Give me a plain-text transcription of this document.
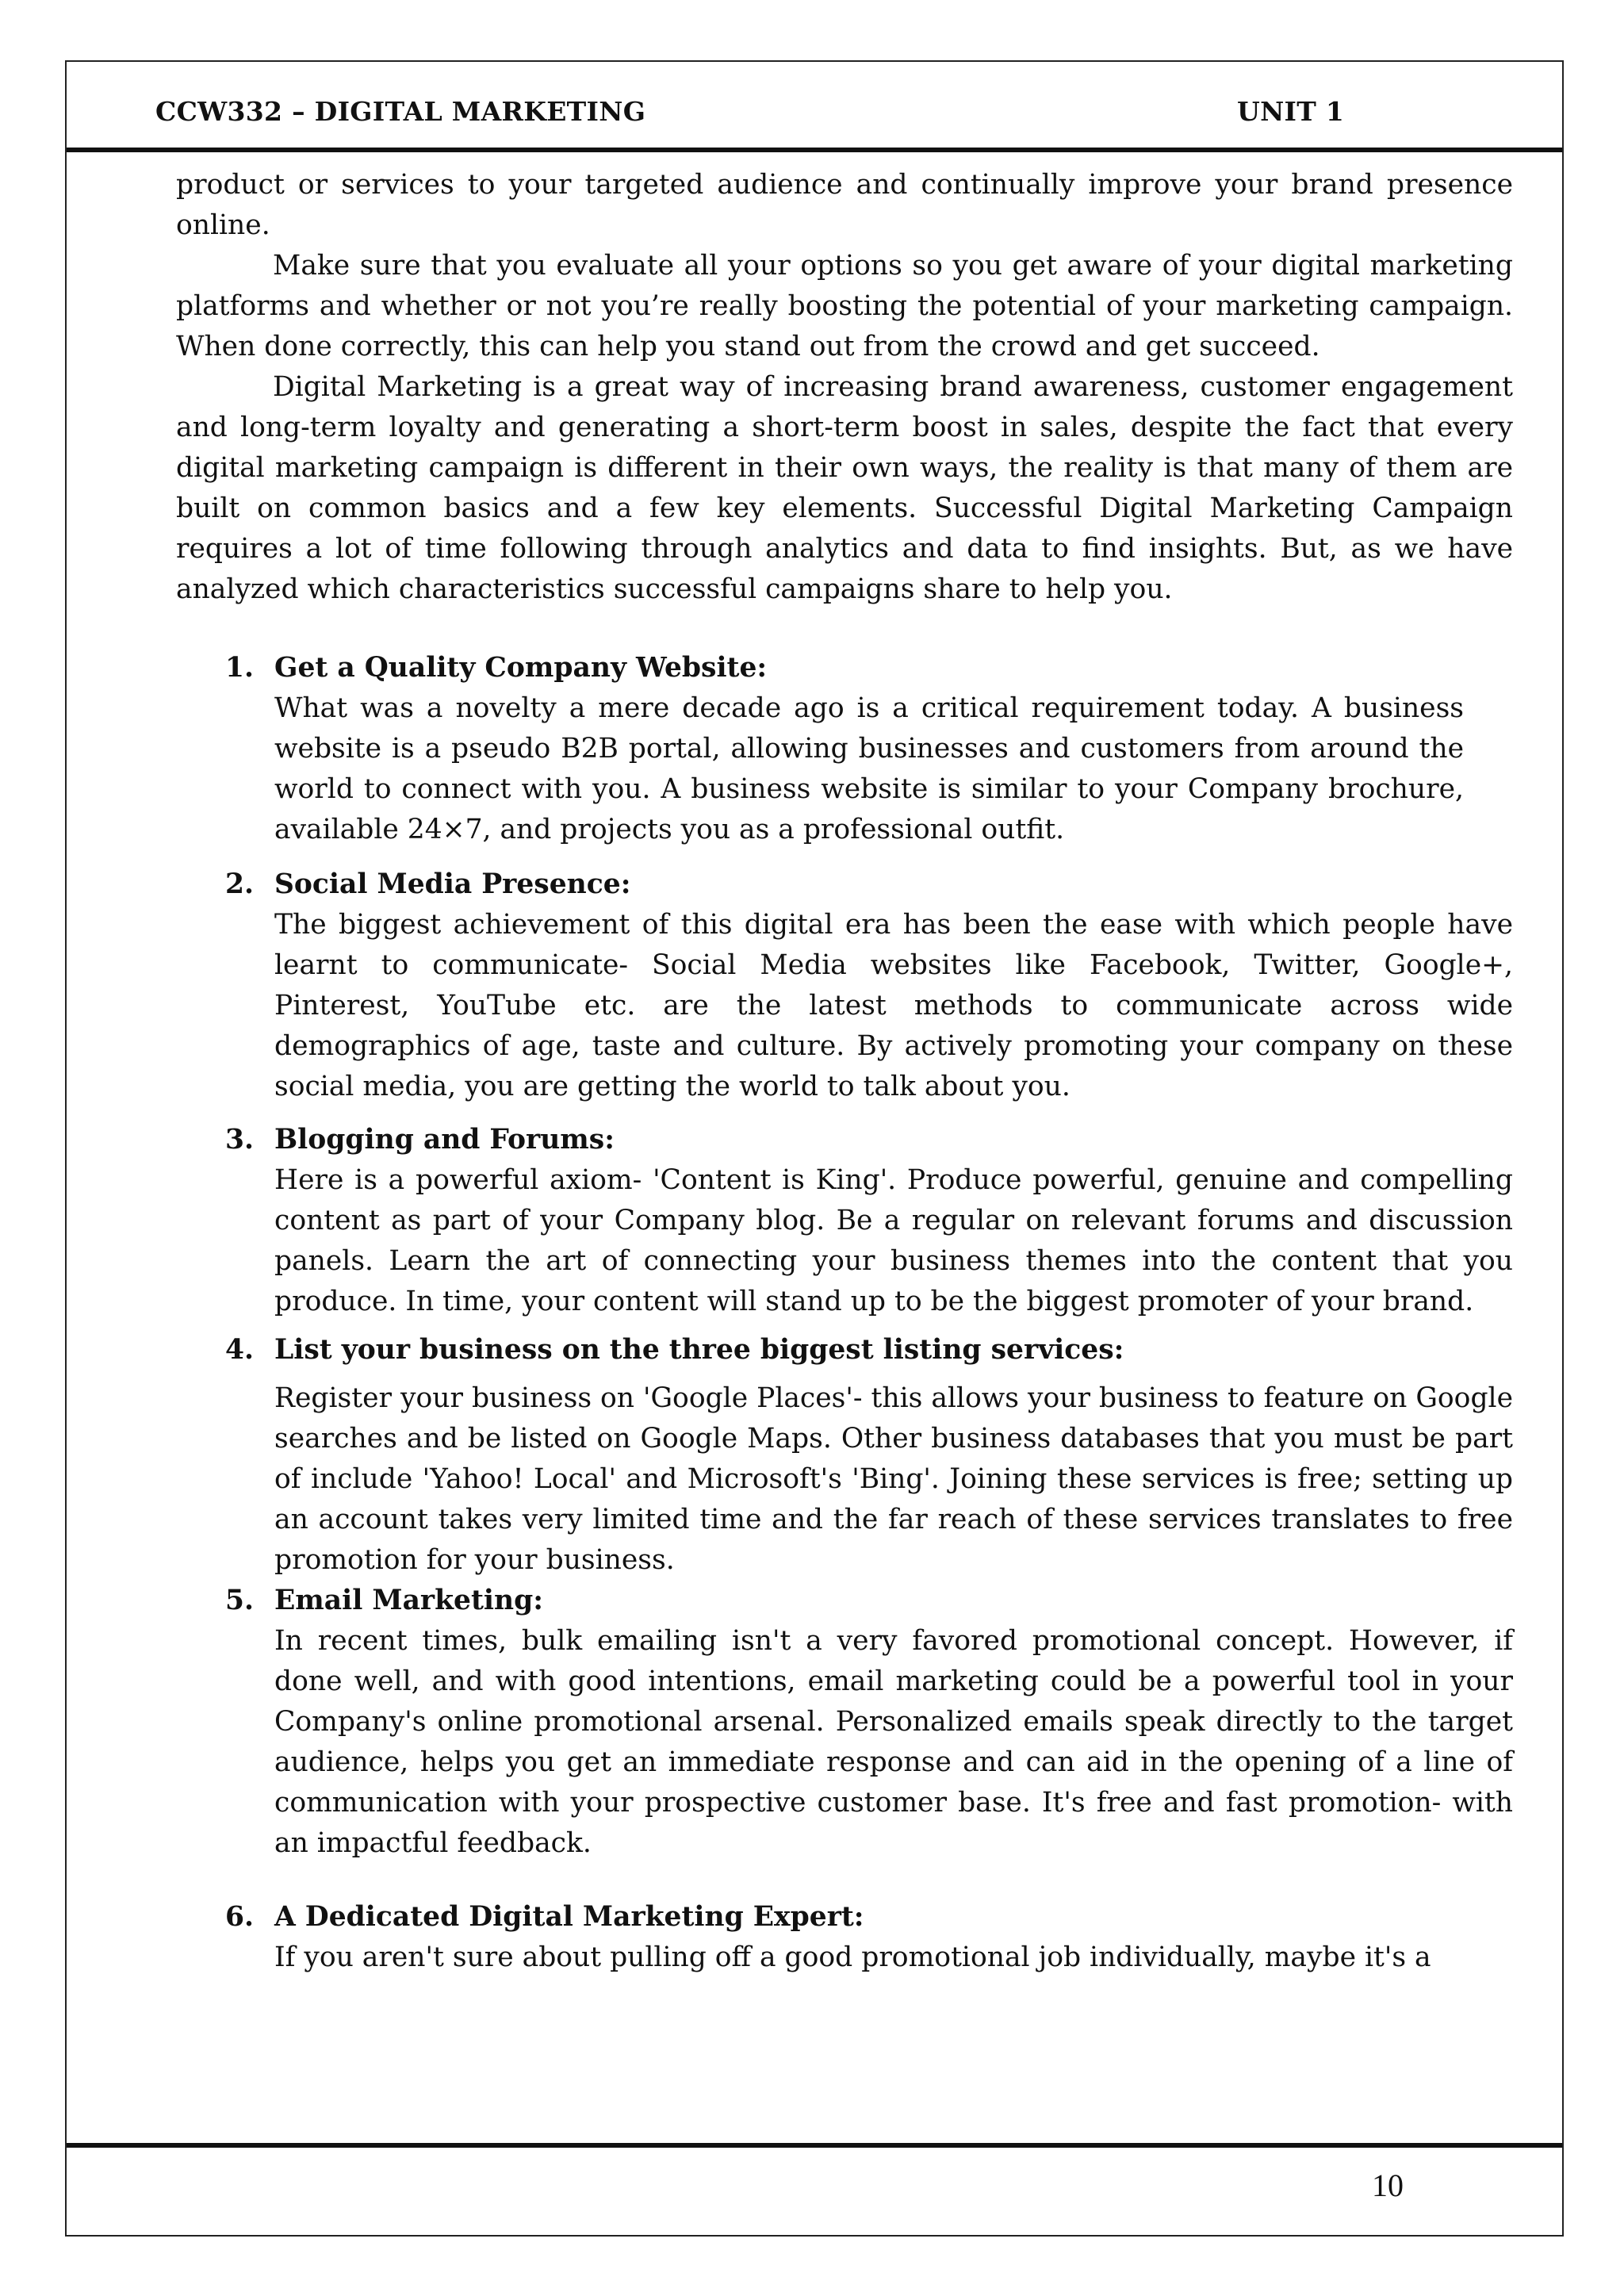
CCW332 – DIGITAL MARKETING	UNIT 1

product or services to your targeted audience and continually improve your brand presence online.

Make sure that you evaluate all your options so you get aware of your digital marketing platforms and whether or not you’re really boosting the potential of your marketing campaign. When done correctly, this can help you stand out from the crowd and get succeed.

Digital Marketing is a great way of increasing brand awareness, customer engagement and long-term loyalty and generating a short-term boost in sales, despite the fact that every digital marketing campaign is different in their own ways, the reality is that many of them are built on common basics and a few key elements. Successful Digital Marketing Campaign requires a lot of time following through analytics and data to find insights. But, as we have analyzed which characteristics successful campaigns share to help you.

1. Get a Quality Company Website:
What was a novelty a mere decade ago is a critical requirement today. A business website is a pseudo B2B portal, allowing businesses and customers from around the world to connect with you. A business website is similar to your Company brochure, available 24×7, and projects you as a professional outfit.
2. Social Media Presence:
The biggest achievement of this digital era has been the ease with which people have learnt to communicate- Social Media websites like Facebook, Twitter, Google+, Pinterest, YouTube etc. are the latest methods to communicate across wide demographics of age, taste and culture. By actively promoting your company on these social media, you are getting the world to talk about you.
3. Blogging and Forums:
Here is a powerful axiom- 'Content is King'. Produce powerful, genuine and compelling content as part of your Company blog. Be a regular on relevant forums and discussion panels. Learn the art of connecting your business themes into the content that you produce. In time, your content will stand up to be the biggest promoter of your brand.
4. List your business on the three biggest listing services:
Register your business on 'Google Places'- this allows your business to feature on Google searches and be listed on Google Maps. Other business databases that you must be part of include 'Yahoo! Local' and Microsoft's 'Bing'. Joining these services is free; setting up an account takes very limited time and the far reach of these services translates to free promotion for your business.
5. Email Marketing:
In recent times, bulk emailing isn't a very favored promotional concept. However, if done well, and with good intentions, email marketing could be a powerful tool in your Company's online promotional arsenal. Personalized emails speak directly to the target audience, helps you get an immediate response and can aid in the opening of a line of communication with your prospective customer base. It's free and fast promotion- with an impactful feedback.
6. A Dedicated Digital Marketing Expert:
If you aren't sure about pulling off a good promotional job individually, maybe it's a
10
